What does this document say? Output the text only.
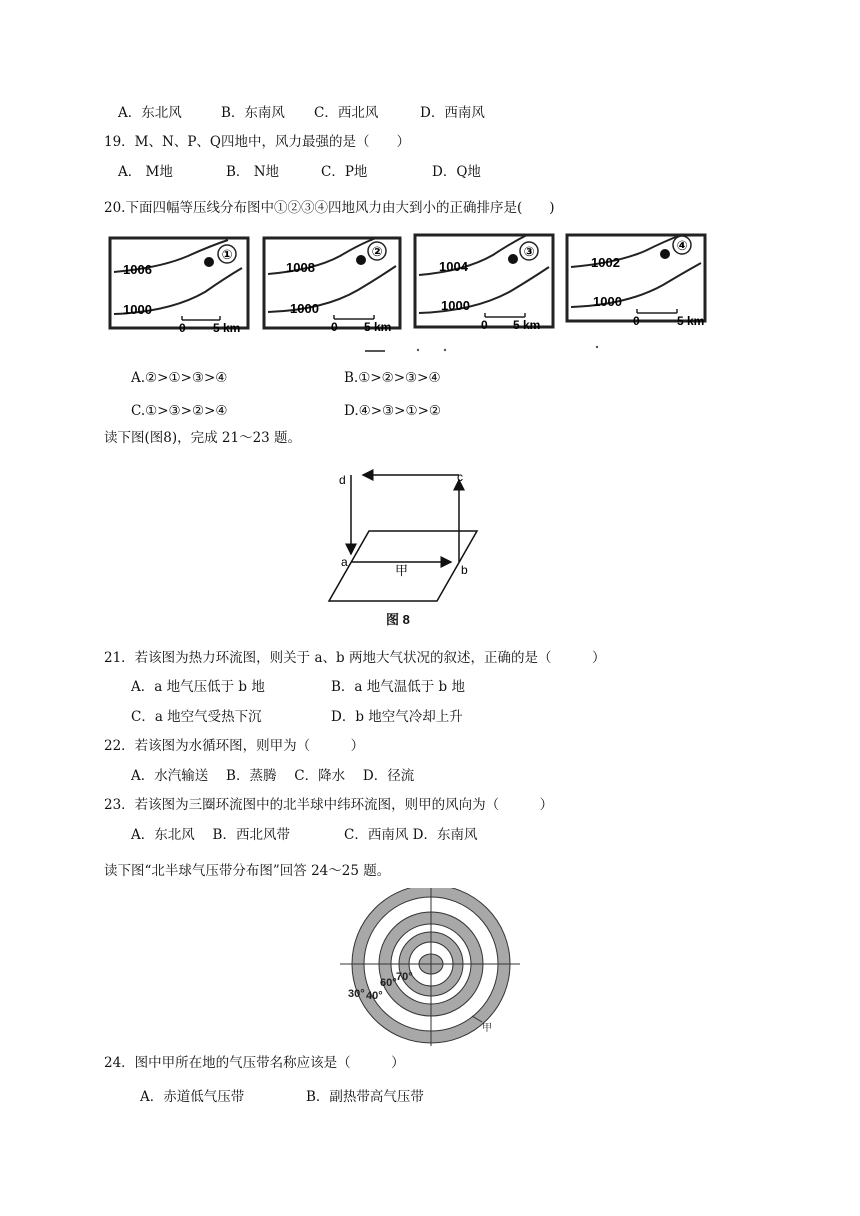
A．东北风	B．东南风 C．西北风	D．西南风
19．M、N、P、Q四地中，风力最强的是（　　）
A． M地	B． N地	C．P地	D．Q地
20.下面四幅等压线分布图中①②③④四地风力由大到小的正确排序是(　　)
①
1006
1000
0 5 km
②
1008
1000
0 5 km
③
1004
1000
0 5 km
④
1002
1000
0	5 km
A.②>①>③>④	B.①>②>③>④
C.①>③>②>④	D.④>③>①>②
读下图(图8)，完成 21～23 题。
d	c
a
b
甲
图 8
21．若该图为热力环流图，则关于 a、b 两地大气状况的叙述，正确的是（　　　）
A．a 地气压低于 b 地	B．a 地气温低于 b 地
C．a 地空气受热下沉	D．b 地空气冷却上升
22．若该图为水循环图，则甲为（　　　）
A．水汽输送　 B．蒸腾　 C．降水　 D．径流
23．若该图为三圈环流图中的北半球中纬环流图，则甲的风向为（　　　）
A．东北风　 B．西北风带	C．西南风 D．东南风
读下图“北半球气压带分布图”回答 24～25 题。
30° 40°
60° 70°
甲
24．图中甲所在地的气压带名称应该是（　　　）
A．赤道低气压带	B．副热带高气压带
